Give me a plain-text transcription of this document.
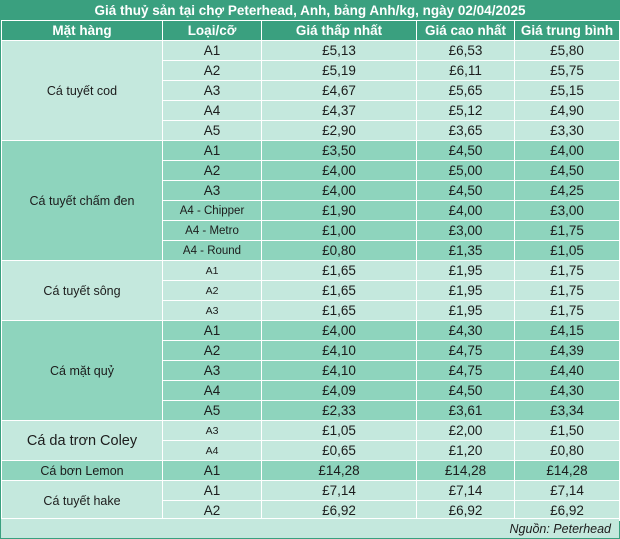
Giá thuỷ sản tại chợ Peterhead, Anh, bảng Anh/kg, ngày 02/04/2025
Mặt hàng	Loại/cỡ	Giá thấp nhất	Giá cao nhất	Giá trung bình
Cá tuyết cod	A1	£5,13	£6,53	£5,80
	A2	£5,19	£6,11	£5,75
	A3	£4,67	£5,65	£5,15
	A4	£4,37	£5,12	£4,90
	A5	£2,90	£3,65	£3,30
Cá tuyết chấm đen	A1	£3,50	£4,50	£4,00
	A2	£4,00	£5,00	£4,50
	A3	£4,00	£4,50	£4,25
	A4 - Chipper	£1,90	£4,00	£3,00
	A4 - Metro	£1,00	£3,00	£1,75
	A4 - Round	£0,80	£1,35	£1,05
Cá tuyết sông	A1	£1,65	£1,95	£1,75
	A2	£1,65	£1,95	£1,75
	A3	£1,65	£1,95	£1,75
Cá mặt quỷ	A1	£4,00	£4,30	£4,15
	A2	£4,10	£4,75	£4,39
	A3	£4,10	£4,75	£4,40
	A4	£4,09	£4,50	£4,30
	A5	£2,33	£3,61	£3,34
Cá da trơn Coley	A3	£1,05	£2,00	£1,50
	A4	£0,65	£1,20	£0,80
Cá bơn Lemon	A1	£14,28	£14,28	£14,28
Cá tuyết hake	A1	£7,14	£7,14	£7,14
	A2	£6,92	£6,92	£6,92
Nguồn: Peterhead
